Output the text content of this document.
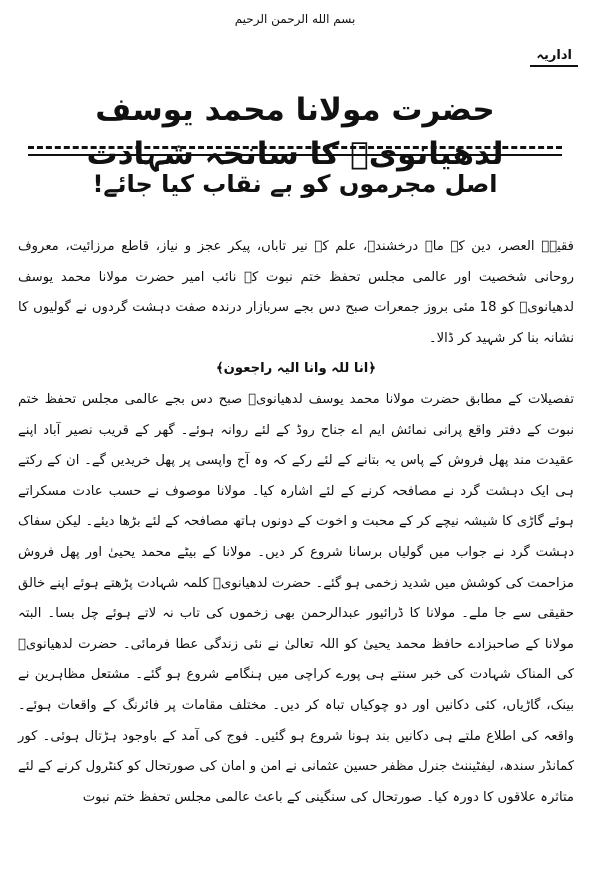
بسم الله الرحمن الرحیم
اداریہ
حضرت مولانا محمد یوسف لدھیانویؒ کا سانحہ شہادت
اصل مجرموں کو بے نقاب کیا جائے!

فقیہہ العصر، دین کے ماہ درخشندہ، علم کے نیر تاباں، پیکر عجز و نیاز، قاطع مرزائیت، معروف روحانی شخصیت اور عالمی مجلس تحفظ ختم نبوت کے نائب امیر حضرت مولانا محمد یوسف لدھیانویؒ کو 18 مئی بروز جمعرات صبح دس بجے سربازار درندہ صفت دہشت گردوں نے گولیوں کا نشانہ بنا کر شہید کر ڈالا۔

﴿انا للہ وانا الیہ راجعون﴾

تفصیلات کے مطابق حضرت مولانا محمد یوسف لدھیانویؒ صبح دس بجے عالمی مجلس تحفظ ختم نبوت کے دفتر واقع پرانی نمائش ایم اے جناح روڈ کے لئے روانہ ہوئے۔ گھر کے قریب نصیر آباد اپنے عقیدت مند پھل فروش کے پاس یہ بتانے کے لئے رکے کہ وہ آج واپسی پر پھل خریدیں گے۔ ان کے رکتے ہی ایک دہشت گرد نے مصافحہ کرنے کے لئے اشارہ کیا۔ مولانا موصوف نے حسب عادت مسکراتے ہوئے گاڑی کا شیشہ نیچے کر کے محبت و اخوت کے دونوں ہاتھ مصافحہ کے لئے بڑھا دیئے۔ لیکن سفاک دہشت گرد نے جواب میں گولیاں برسانا شروع کر دیں۔ مولانا کے بیٹے محمد یحییٰ اور پھل فروش مزاحمت کی کوشش میں شدید زخمی ہو گئے۔ حضرت لدھیانویؒ کلمہ شہادت پڑھتے ہوئے اپنے خالق حقیقی سے جا ملے۔ مولانا کا ڈرائیور عبدالرحمن بھی زخموں کی تاب نہ لاتے ہوئے چل بسا۔ البتہ مولانا کے صاحبزادے حافظ محمد یحییٰ کو اللہ تعالیٰ نے نئی زندگی عطا فرمائی۔ حضرت لدھیانویؒ کی المناک شہادت کی خبر سنتے ہی پورے کراچی میں ہنگامے شروع ہو گئے۔ مشتعل مظاہرین نے بینک، گاڑیاں، کئی دکانیں اور دو چوکیاں تباہ کر دیں۔ مختلف مقامات پر فائرنگ کے واقعات ہوئے۔ واقعہ کی اطلاع ملتے ہی دکانیں بند ہونا شروع ہو گئیں۔ فوج کی آمد کے باوجود ہڑتال ہوئی۔ کور کمانڈر سندھ، لیفٹیننٹ جنرل مظفر حسین عثمانی نے امن و امان کی صورتحال کو کنٹرول کرنے کے لئے متاثرہ علاقوں کا دورہ کیا۔ صورتحال کی سنگینی کے باعث عالمی مجلس تحفظ ختم نبوت
